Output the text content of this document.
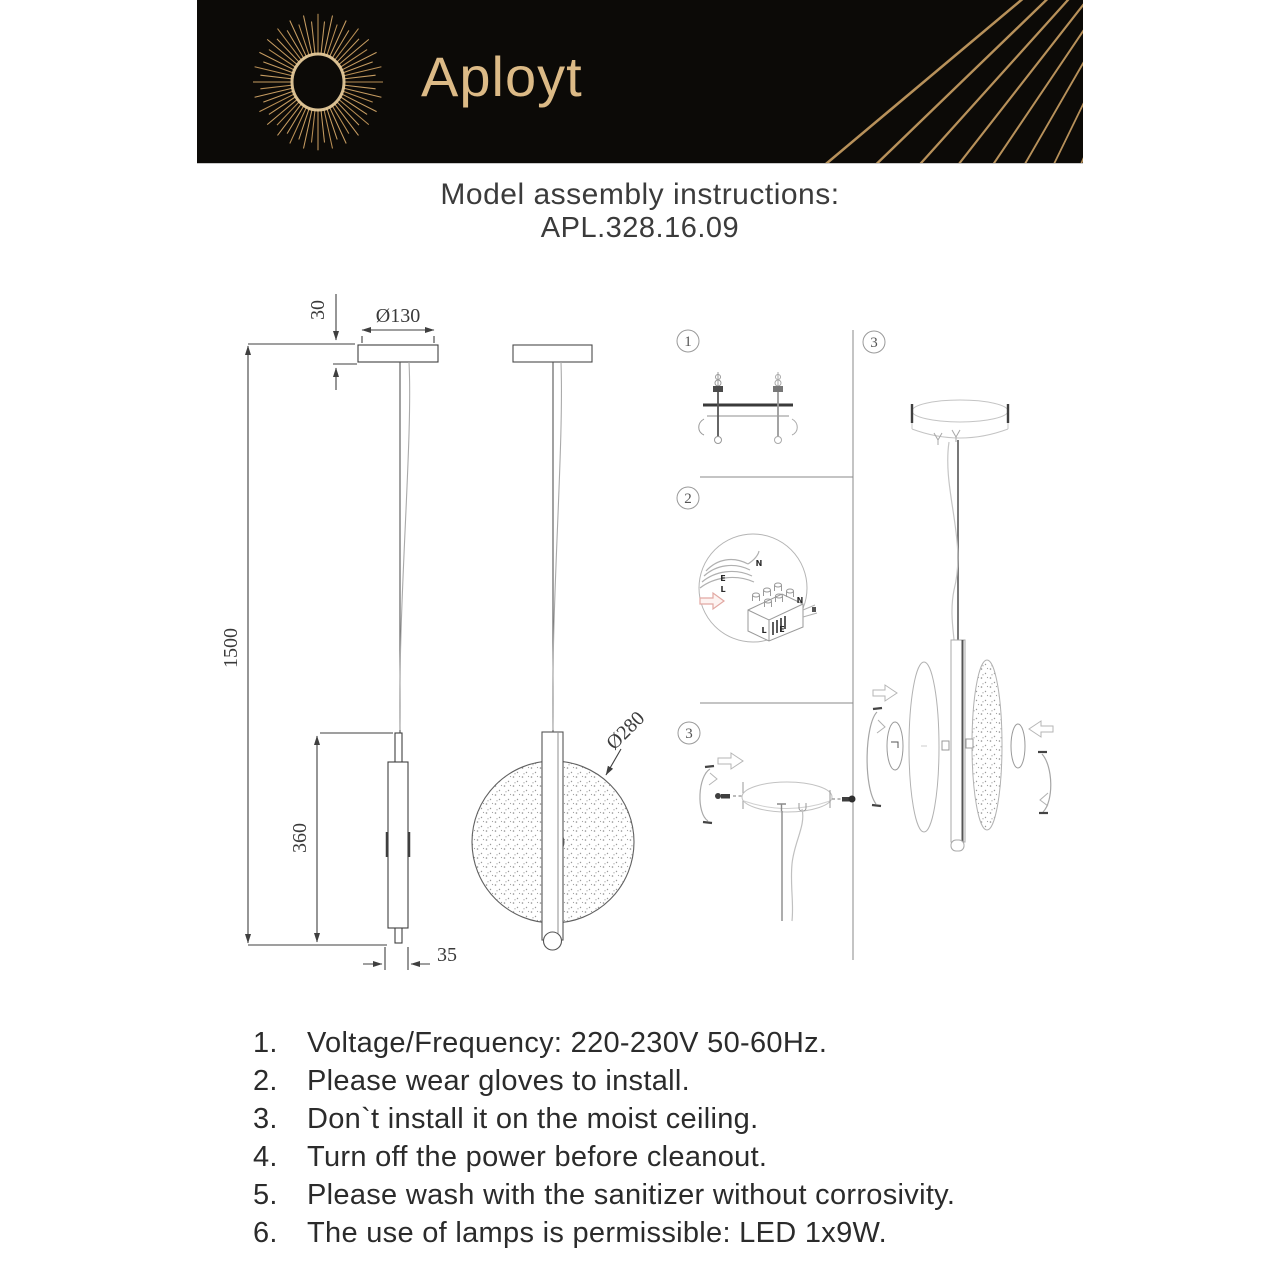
Aployt
Model assembly instructions:
APL.328.16.09
1500
30 Ø130
360
35
Ø280
1
2
3
3
N
E
L
N
L E
1.	Voltage/Frequency: 220-230V 50-60Hz.
2.	Please wear gloves to install.
3.	Don`t install it on the moist ceiling.
4.	Turn off the power before cleanout.
5.	Please wash with the sanitizer without corrosivity.
6.	The use of lamps is permissible: LED 1x9W.
